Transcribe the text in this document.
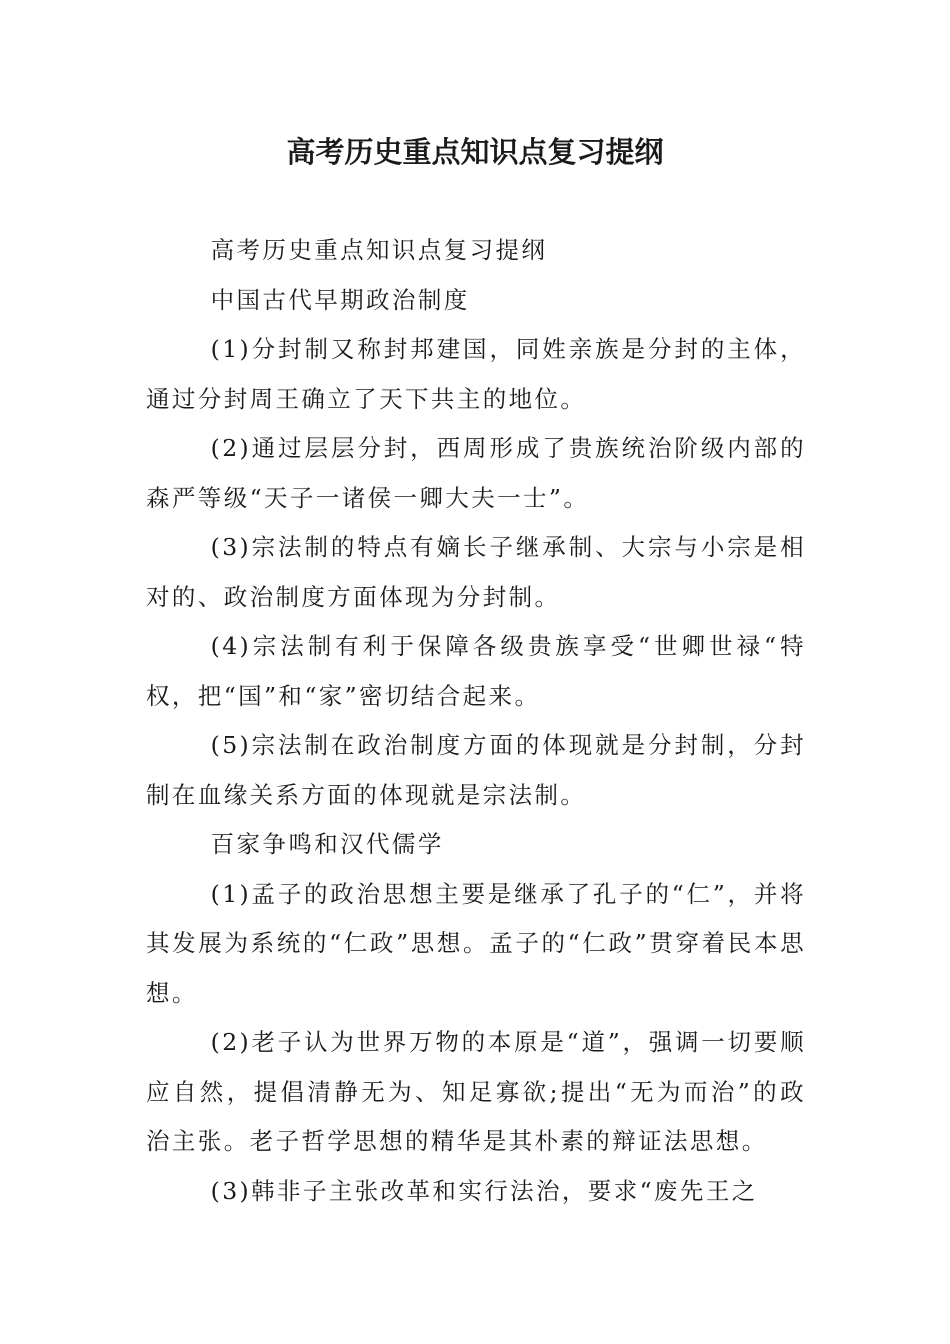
高考历史重点知识点复习提纲

高考历史重点知识点复习提纲

中国古代早期政治制度

(1)分封制又称封邦建国，同姓亲族是分封的主体，通过分封周王确立了天下共主的地位。

(2)通过层层分封，西周形成了贵族统治阶级内部的森严等级“天子一诸侯一卿大夫一士”。

(3)宗法制的特点有嫡长子继承制、大宗与小宗是相对的、政治制度方面体现为分封制。

(4)宗法制有利于保障各级贵族享受“世卿世禄“特权，把“国”和“家”密切结合起来。

(5)宗法制在政治制度方面的体现就是分封制，分封制在血缘关系方面的体现就是宗法制。

百家争鸣和汉代儒学

(1)孟子的政治思想主要是继承了孔子的“仁”，并将其发展为系统的“仁政”思想。孟子的“仁政”贯穿着民本思想。

(2)老子认为世界万物的本原是“道”，强调一切要顺应自然，提倡清静无为、知足寡欲;提出“无为而治”的政治主张。老子哲学思想的精华是其朴素的辩证法思想。

(3)韩非子主张改革和实行法治，要求“废先王之
